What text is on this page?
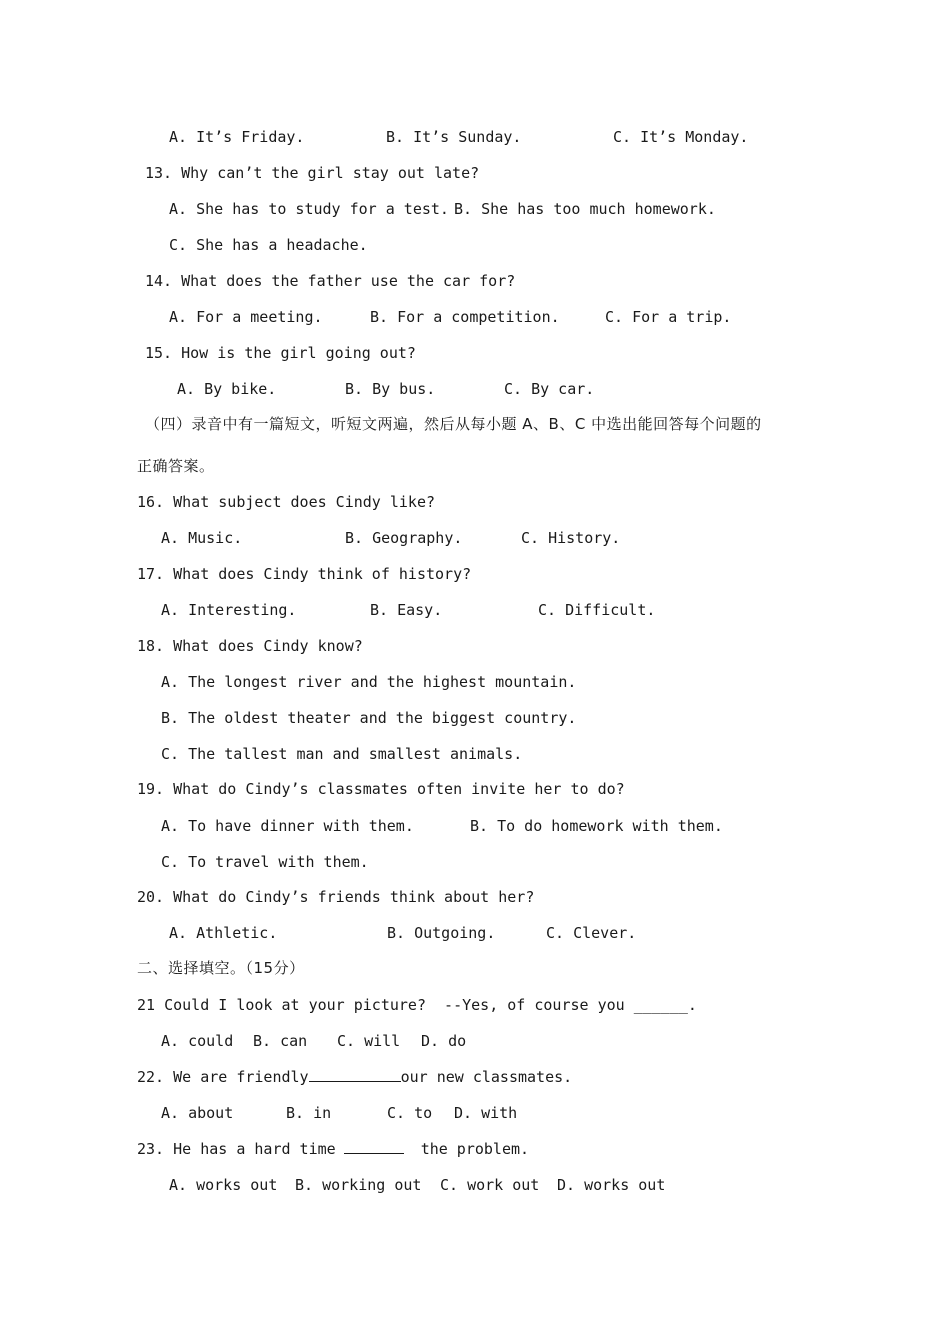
A. It’s Friday.	B. It’s Sunday.	C. It’s Monday.
13. Why can’t the girl stay out late?
A. She has to study for a test. B. She has too much homework.
C. She has a headache.
14. What does the father use the car for?
A. For a meeting.	B. For a competition.	C. For a trip.
15. How is the girl going out?
A. By bike.	B. By bus.	C. By car.
（四）录音中有一篇短文，听短文两遍，然后从每小题 A、B、C 中选出能回答每个问题的
正确答案。
16. What subject does Cindy like?
A. Music.	B. Geography.	C. History.
17. What does Cindy think of history?
A. Interesting.	B. Easy.	C. Difficult.
18. What does Cindy know?
A. The longest river and the highest mountain.
B. The oldest theater and the biggest country.
C. The tallest man and smallest animals.
19. What do Cindy’s classmates often invite her to do?
A. To have dinner with them.	B. To do homework with them.
C. To travel with them.
20. What do Cindy’s friends think about her?
A. Athletic.	B. Outgoing.	C. Clever.
二、选择填空。（15分）
21 Could I look at your picture?  --Yes, of course you ______.
A. could B. can C. will D. do
22. We are friendly	our new classmates.
A. about	B. in	C. to D. with
23. He has a hard time	the problem.
A. works out B. working out C. work out D. works out
